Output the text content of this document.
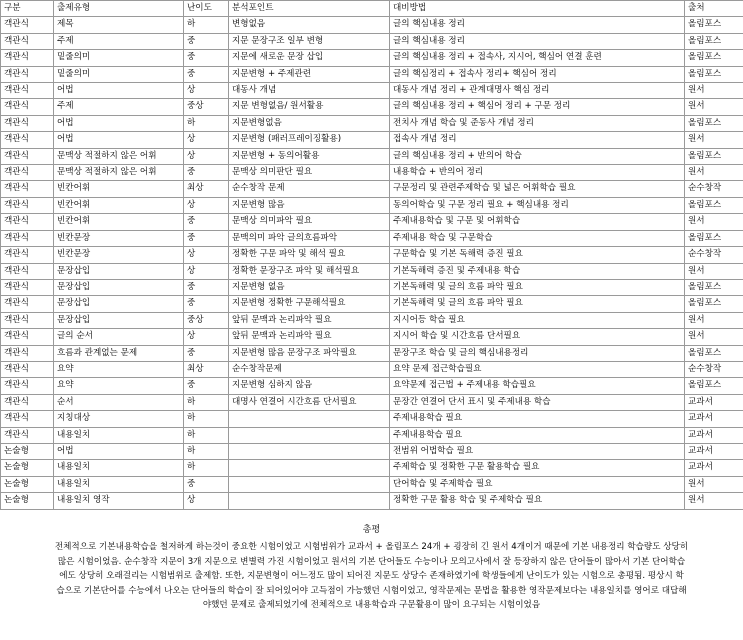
구분	출제유형	난이도	분석포인트	대비방법	출처
객관식	제목	하	변형없음	글의 핵심내용 정리	올림포스
객관식	주제	중	지문 문장구조 일부 변형	글의 핵심내용 정리	올림포스
객관식	밑줄의미	중	지문에 새로운 문장 삽입	글의 핵심내용 정리 + 접속사, 지시어, 핵심어 연결 훈련	올림포스
객관식	밑줄의미	중	지문변형 + 주제관련	글의 핵심정리 + 접속사 정리+ 핵심어 정리	올림포스
객관식	어법	상	대동사 개념	대동사 개념 정리 + 관계대명사 핵심 정리	원서
객관식	주제	중상	지문 변형없음/ 원서활용	글의 핵심내용 정리 + 핵심어 정리 + 구문 정리	원서
객관식	어법	하	지문변형없음	전치사 개념 학습 및 준동사 개념 정리	올림포스
객관식	어법	상	지문변형 (패러프레이징활용)	접속사 개념 정리	원서
객관식	문맥상 적절하지 않은 어휘	상	지문변형 + 동의어활용	글의 핵심내용 정리 + 반의어 학습	올림포스
객관식	문맥상 적절하지 않은 어휘	중	문맥상 의미판단 필요	내용학습 + 반의어 정리	원서
객관식	빈칸어휘	최상	순수창작 문제	구문정리 및 관련주제학습 및 넓은 어휘학습 필요	순수창작
객관식	빈칸어휘	상	지문변형 많음	동의어학습 및 구문 정리 필요 + 핵심내용 정리	올림포스
객관식	빈칸어휘	중	문맥상 의미파악 필요	주제내용학습 및 구문 및 어휘학습	원서
객관식	빈칸문장	중	문맥의미 파악 글의흐름파악	주제내용 학습 및 구문학습	올림포스
객관식	빈칸문장	상	정확한 구문 파악 및 해석 필요	구문학습 및 기본 독해력 증진 필요	순수창작
객관식	문장삽입	상	정확한 문장구조 파악 및 해석필요	기본독해력 증진 및 주제내용 학습	원서
객관식	문장삽입	중	지문변형 없음	기본독해력 및 글의 흐름 파악 필요	올림포스
객관식	문장삽입	중	지문변형 정확한 구문해석필요	기본독해력 및 글의 흐름 파악 필요	올림포스
객관식	문장삽입	중상	앞뒤 문맥과 논리파악 필요	지시어등 학습 필요	원서
객관식	글의 순서	상	앞뒤 문맥과 논리파악 필요	지시어 학습 및 시간흐름 단서필요	원서
객관식	흐름과 관계없는 문제	중	지문변형 많음 문장구조 파악필요	문장구조 학습 및 글의 핵심내용정리	올림포스
객관식	요약	최상	순수창작문제	요약 문제 접근학습필요	순수창작
객관식	요약	중	지문변형 심하지 않음	요약문제 접근법 + 주제내용 학습필요	올림포스
객관식	순서	하	대명사 연결어 시간흐름 단서필요	문장간 연결어 단서 표시 및 주제내용 학습	교과서
객관식	지칭대상	하		주제내용학습 필요	교과서
객관식	내용일치	하		주제내용학습 필요	교과서
논술형	어법	하		전범위 어법학습 필요	교과서
논술형	내용일치	하		주제학습 및 정확한 구문 활용학습 필요	교과서
논술형	내용일치	중		단어학습 및 주제학습 필요	원서
논술형	내용일치 영작	상		정확한 구문 활용 학습 및 주제학습 필요	원서
총평
전체적으로 기본내용학습을 철저하게 하는것이 중요한 시험이었고 시험범위가 교과서 + 올림포스 24개 + 굉장히 긴 원서 4개이거 때문에 기본 내용정리 학습량도 상당히
많은 시험이었음. 순수창작 지문이 3개 지문으로 변별력 가진 시험이었고 원서의 기본 단어들도 수능이나 모의고사에서 잘 등장하지 않은 단어들이 많아서 기본 단어학습
에도 상당히 오래걸리는 시험범위로 출제함. 또한, 지문변형이 어느정도 많이 되어진 지문도 상당수 존재하였기에 학생들에게 난이도가 있는 시험으로 총평됨. 평상시 학
습으로 기본단어를 수능에서 나오는 단어들의 학습이 잘 되어있어야 고득점이 가능했던 시험이었고, 영작문제는 문법을 활용한 영작문제보다는 내용일치를 영어로 대답해
야했던 문제로 출제되었기에 전체적으로 내용학습과 구문활용이 많이 요구되는 시험이었음
